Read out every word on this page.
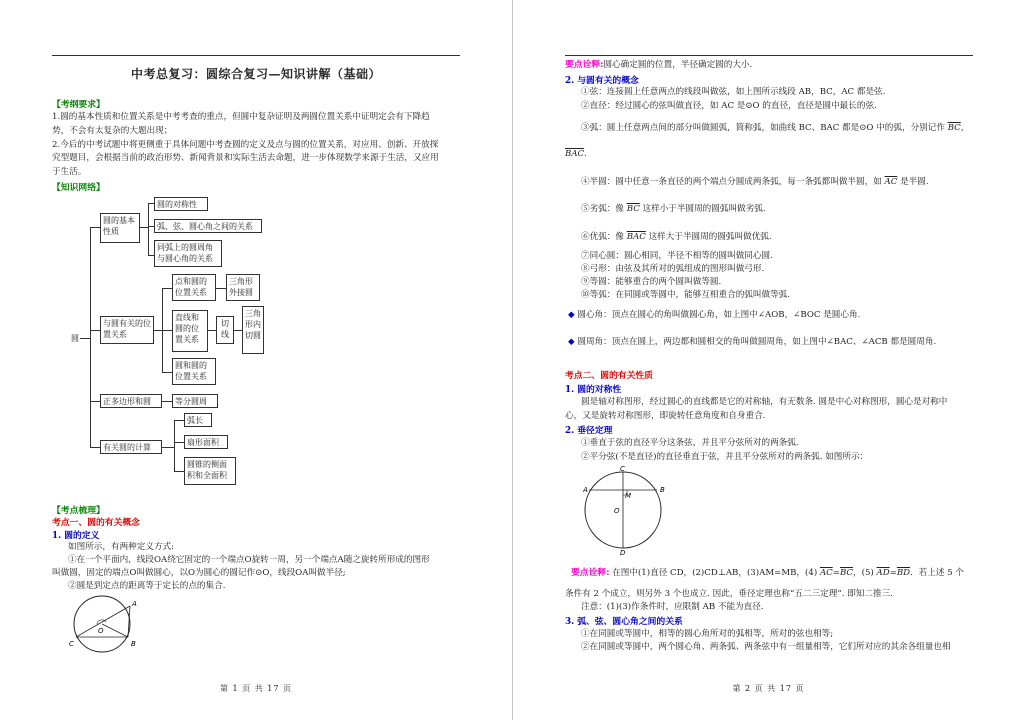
中考总复习：圆综合复习—知识讲解（基础）
【考纲要求】
1.圆的基本性质和位置关系是中考考查的重点，但圆中复杂证明及两圆位置关系中证明定会有下降趋
势，不会有太复杂的大题出现；
2.今后的中考试题中将更侧重于具体问题中考查圆的定义及点与圆的位置关系，对应用、创新、开放探
究型题目，会根据当前的政治形势、新闻背景和实际生活去命题，进一步体现数学来源于生活，又应用
于生活。
【知识网络】
圆
圆的基本性质
圆的对称性
弧、弦、圆心角之间的关系
同弧上的圆周角与圆心角的关系
与圆有关的位置关系
点和圆的位置关系
三角形外接圆
直线和圆的位置关系
切线
三角形内切圆
圆和圆的位置关系
正多边形和圆	等分圆周
有关圆的计算
弧长
扇形面积
圆锥的侧面积和全面积
【考点梳理】
考点一、圆的有关概念
1. 圆的定义
如图所示，有两种定义方式:
①在一个平面内，线段OA绕它固定的一个端点O旋转一周，另一个端点A随之旋转所形成的图形
叫做圆，固定的端点O叫做圆心，以O为圆心的圆记作⊙O，线段OA叫做半径;
②圆是到定点的距离等于定长的点的集合.
A
O
C	B
第 1 页 共 17 页
要点诠释:圆心确定圆的位置，半径确定圆的大小.
2. 与圆有关的概念
①弦：连接圆上任意两点的线段叫做弦，如上图所示线段 AB，BC，AC 都是弦.
②直径：经过圆心的弦叫做直径，如 AC 是⊙O 的直径，直径是圆中最长的弦.
③弧：圆上任意两点间的部分叫做圆弧，简称弧，如曲线 BC、BAC 都是⊙O 中的弧，分别记作 $\overline{BC}$，
$\overline{BAC}$.
④半圆：圆中任意一条直径的两个端点分圆成两条弧，每一条弧都叫做半圆，如 $\overline{AC}$ 是半圆.
⑤劣弧：像 $\overline{BC}$ 这样小于半圆周的圆弧叫做劣弧.
⑥优弧：像 $\overline{BAC}$ 这样大于半圆周的圆弧叫做优弧.
⑦同心圆：圆心相同，半径不相等的圆叫做同心圆.
⑧弓形：由弦及其所对的弧组成的图形叫做弓形.
⑨等圆：能够重合的两个圆叫做等圆.
⑩等弧：在同圆或等圆中，能够互相重合的弧叫做等弧.
◆ 圆心角：顶点在圆心的角叫做圆心角，如上图中∠AOB，∠BOC 是圆心角.
◆ 圆周角：顶点在圆上，两边都和圆相交的角叫做圆周角，如上图中∠BAC、∠ACB 都是圆周角.
考点二、圆的有关性质
1. 圆的对称性
圆是轴对称图形，经过圆心的直线都是它的对称轴，有无数条. 圆是中心对称图形，圆心是对称中
心，又是旋转对称图形，即旋转任意角度和自身重合.
2. 垂径定理
①垂直于弦的直径平分这条弦，并且平分弦所对的两条弧.
②平分弦(不是直径)的直径垂直于弦，并且平分弦所对的两条弧. 如图所示：
C
A	B
M
O
D
要点诠释: 在图中(1)直径 CD，(2)CD⊥AB，(3)AM=MB，(4) $\overline{AC}=\overline{BC}$，(5) $\overline{AD}=\overline{BD}$．若上述 5 个
条件有 2 个成立，则另外 3 个也成立. 因此，垂径定理也称“五二三定理”. 即知二推三.
注意：(1)(3)作条件时，应限制 AB 不能为直径.
3. 弧、弦、圆心角之间的关系
①在同圆或等圆中，相等的圆心角所对的弧相等，所对的弦也相等;
②在同圆或等圆中，两个圆心角、两条弧、两条弦中有一组量相等，它们所对应的其余各组量也相
第 2 页 共 17 页
